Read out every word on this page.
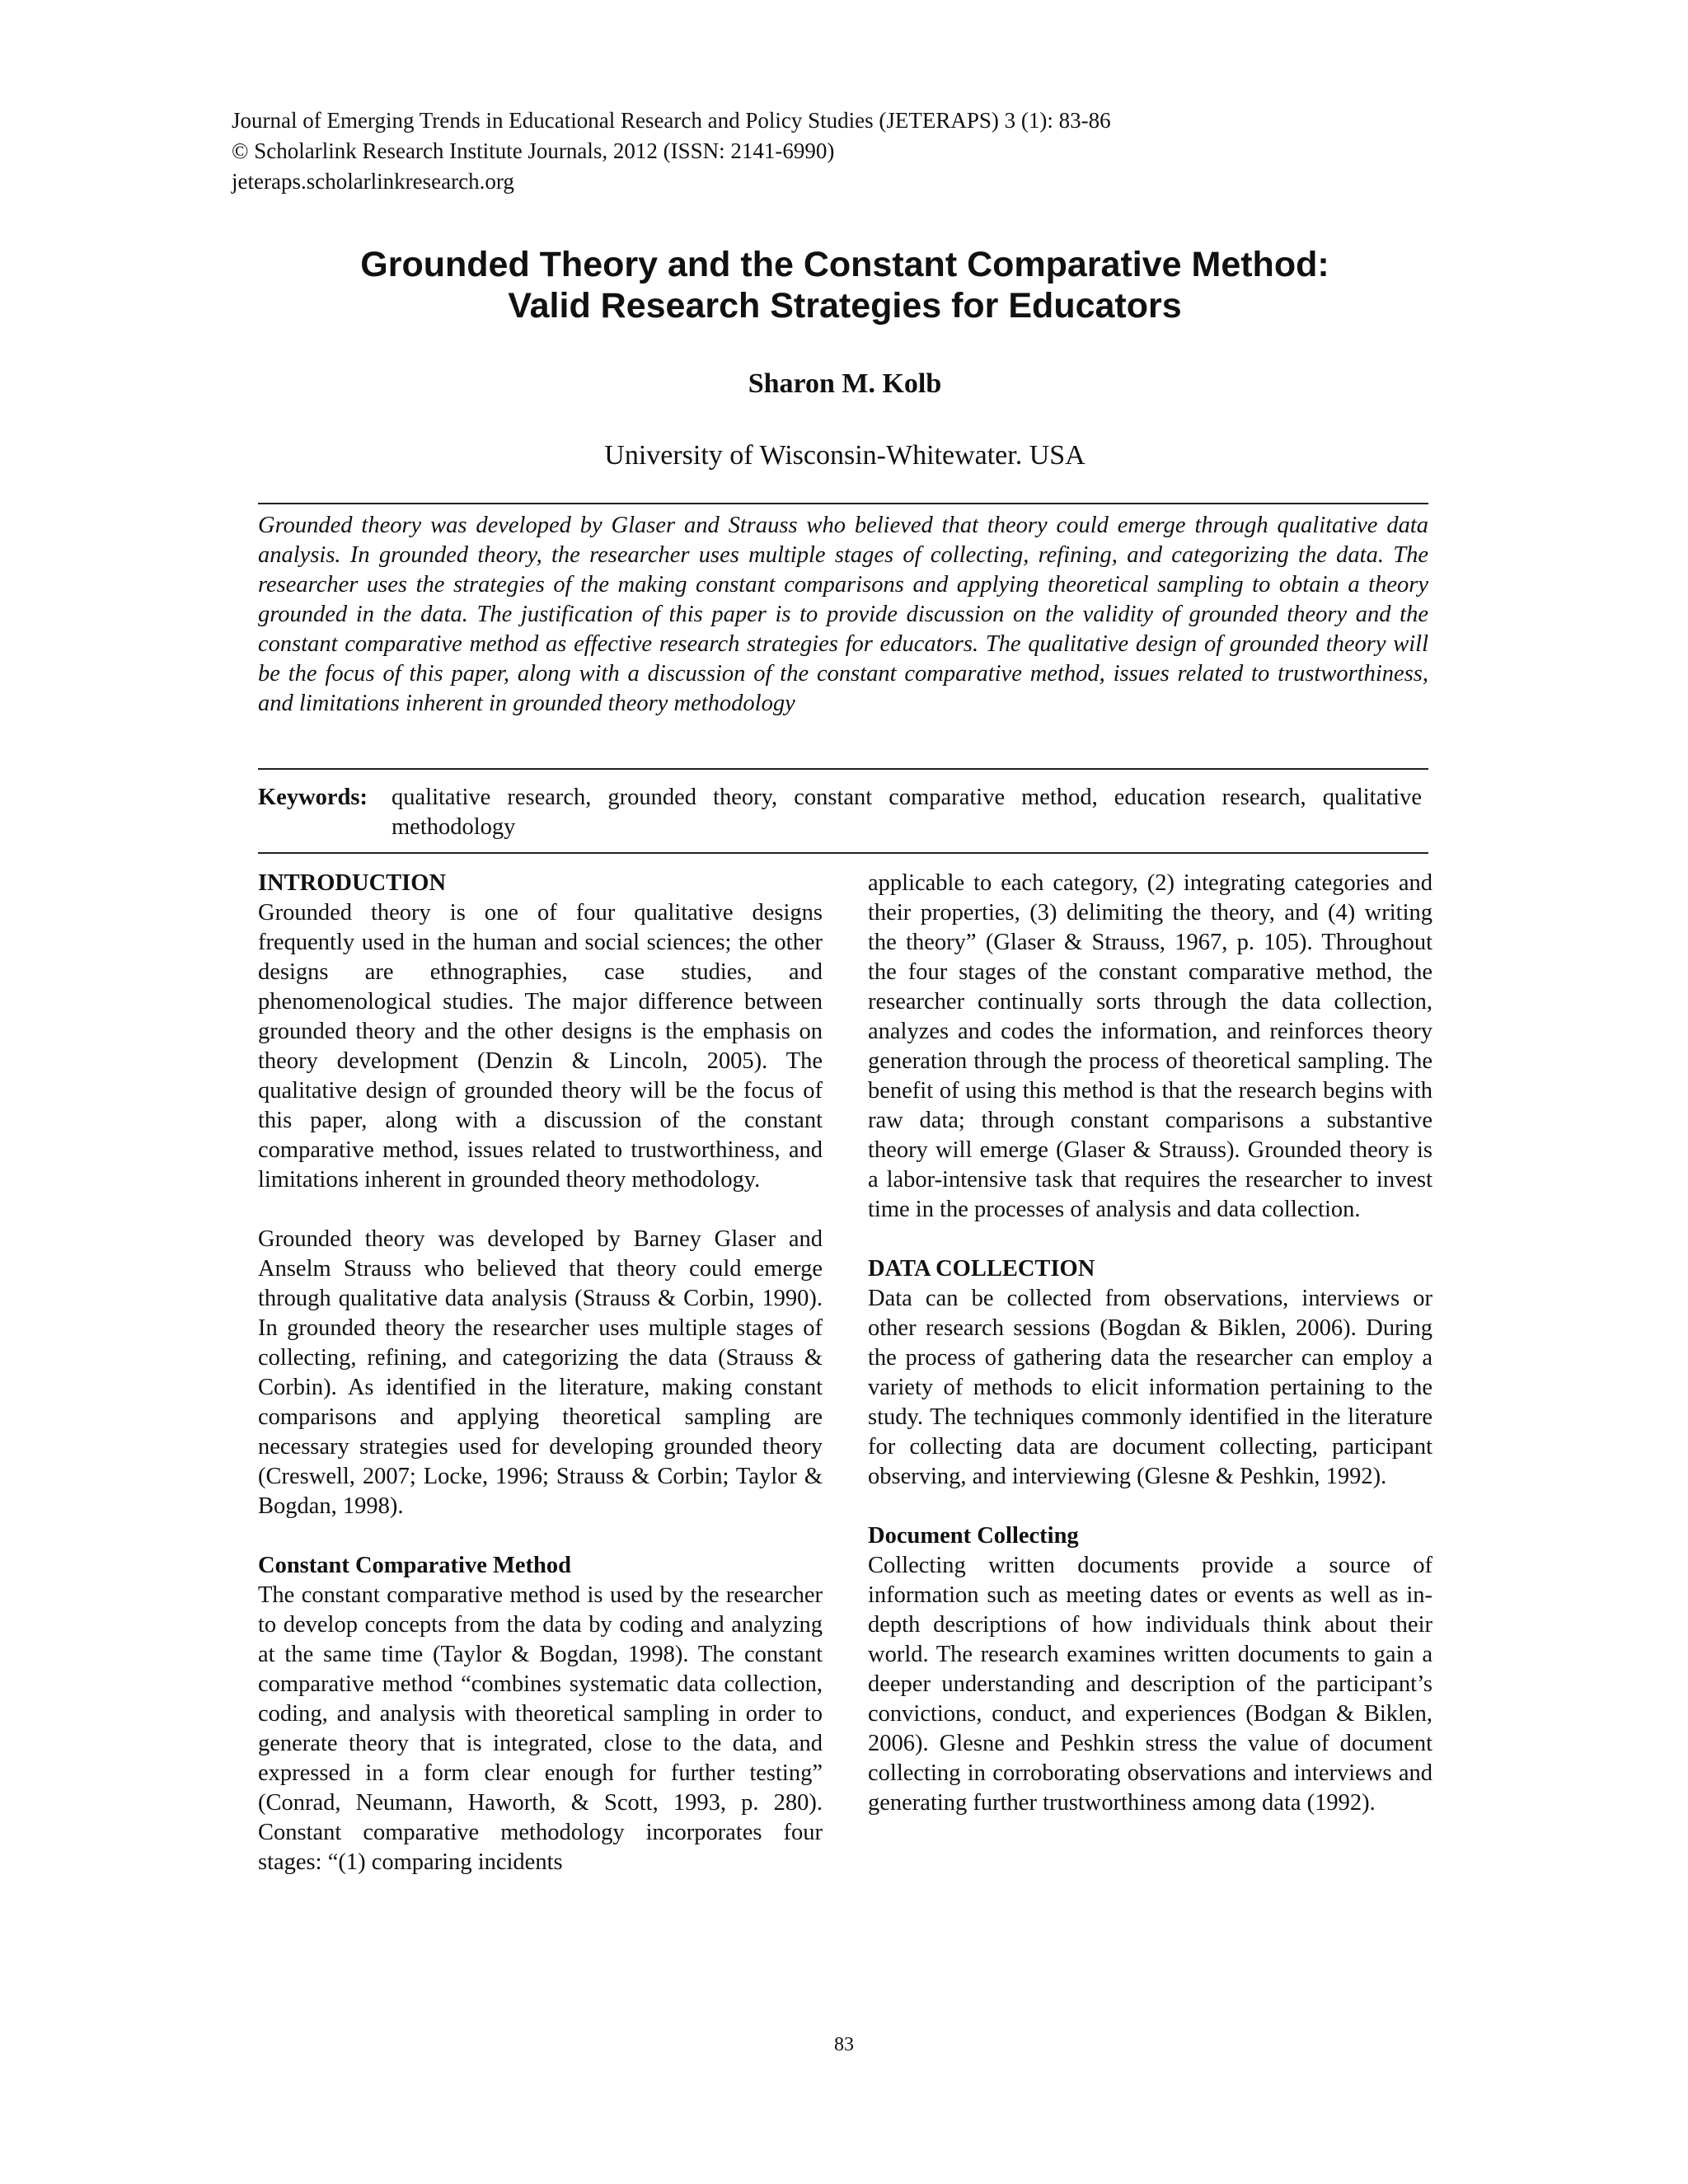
Journal of Emerging Trends in Educational Research and Policy Studies (JETERAPS) 3 (1): 83-86
© Scholarlink Research Institute Journals, 2012 (ISSN: 2141-6990)
jeteraps.scholarlinkresearch.org
Grounded Theory and the Constant Comparative Method:
Valid Research Strategies for Educators
Sharon M. Kolb
University of Wisconsin-Whitewater. USA

Grounded theory was developed by Glaser and Strauss who believed that theory could emerge through qualitative data analysis. In grounded theory, the researcher uses multiple stages of collecting, refining, and categorizing the data. The researcher uses the strategies of the making constant comparisons and applying theoretical sampling to obtain a theory grounded in the data. The justification of this paper is to provide discussion on the validity of grounded theory and the constant comparative method as effective research strategies for educators. The qualitative design of grounded theory will be the focus of this paper, along with a discussion of the constant comparative method, issues related to trustworthiness, and limitations inherent in grounded theory methodology

Keywords: qualitative research, grounded theory, constant comparative method, education research, qualitative methodology
INTRODUCTION

Grounded theory is one of four qualitative designs frequently used in the human and social sciences; the other designs are ethnographies, case studies, and phenomenological studies. The major difference between grounded theory and the other designs is the emphasis on theory development (Denzin & Lincoln, 2005). The qualitative design of grounded theory will be the focus of this paper, along with a discussion of the constant comparative method, issues related to trustworthiness, and limitations inherent in grounded theory methodology.

Grounded theory was developed by Barney Glaser and Anselm Strauss who believed that theory could emerge through qualitative data analysis (Strauss & Corbin, 1990). In grounded theory the researcher uses multiple stages of collecting, refining, and categorizing the data (Strauss & Corbin). As identified in the literature, making constant comparisons and applying theoretical sampling are necessary strategies used for developing grounded theory (Creswell, 2007; Locke, 1996; Strauss & Corbin; Taylor & Bogdan, 1998).

Constant Comparative Method

The constant comparative method is used by the researcher to develop concepts from the data by coding and analyzing at the same time (Taylor & Bogdan, 1998). The constant comparative method “combines systematic data collection, coding, and analysis with theoretical sampling in order to generate theory that is integrated, close to the data, and expressed in a form clear enough for further testing” (Conrad, Neumann, Haworth, & Scott, 1993, p. 280). Constant comparative methodology incorporates four stages: “(1) comparing incidents

applicable to each category, (2) integrating categories and their properties, (3) delimiting the theory, and (4) writing the theory” (Glaser & Strauss, 1967, p. 105). Throughout the four stages of the constant comparative method, the researcher continually sorts through the data collection, analyzes and codes the information, and reinforces theory generation through the process of theoretical sampling. The benefit of using this method is that the research begins with raw data; through constant comparisons a substantive theory will emerge (Glaser & Strauss). Grounded theory is a labor-intensive task that requires the researcher to invest time in the processes of analysis and data collection.

DATA COLLECTION

Data can be collected from observations, interviews or other research sessions (Bogdan & Biklen, 2006). During the process of gathering data the researcher can employ a variety of methods to elicit information pertaining to the study. The techniques commonly identified in the literature for collecting data are document collecting, participant observing, and interviewing (Glesne & Peshkin, 1992).

Document Collecting

Collecting written documents provide a source of information such as meeting dates or events as well as in-depth descriptions of how individuals think about their world. The research examines written documents to gain a deeper understanding and description of the participant’s convictions, conduct, and experiences (Bodgan & Biklen, 2006). Glesne and Peshkin stress the value of document collecting in corroborating observations and interviews and generating further trustworthiness among data (1992).

83
